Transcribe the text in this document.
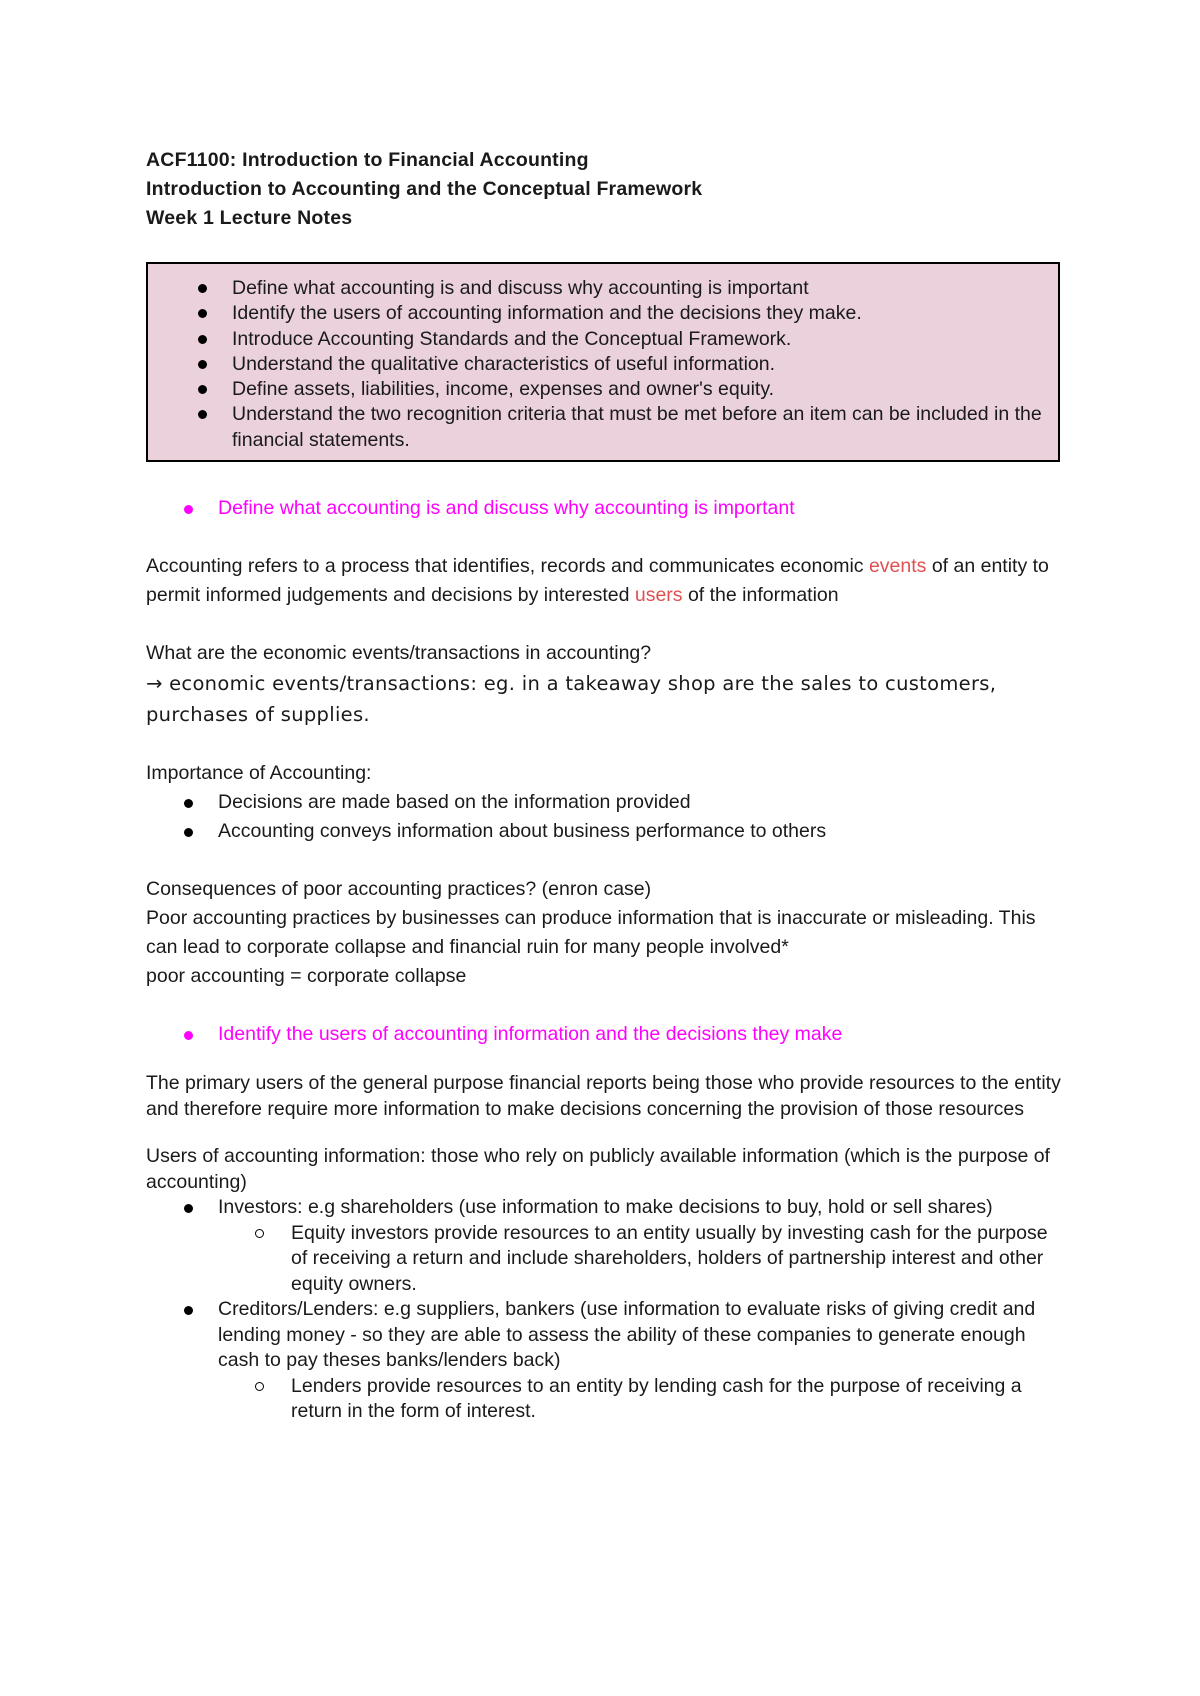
ACF1100: Introduction to Financial Accounting
Introduction to Accounting and the Conceptual Framework
Week 1 Lecture Notes
Define what accounting is and discuss why accounting is important
Identify the users of accounting information and the decisions they make.
Introduce Accounting Standards and the Conceptual Framework.
Understand the qualitative characteristics of useful information.
Define assets, liabilities, income, expenses and owner's equity.
Understand the two recognition criteria that must be met before an item can be included in the financial statements.
Define what accounting is and discuss why accounting is important

Accounting refers to a process that identifies, records and communicates economic events of an entity to permit informed judgements and decisions by interested users of the information

What are the economic events/transactions in accounting?

→ economic events/transactions: eg. in a takeaway shop are the sales to customers, purchases of supplies.

Importance of Accounting:

Decisions are made based on the information provided
Accounting conveys information about business performance to others

Consequences of poor accounting practices? (enron case)

Poor accounting practices by businesses can produce information that is inaccurate or misleading. This can lead to corporate collapse and financial ruin for many people involved*

poor accounting = corporate collapse

Identify the users of accounting information and the decisions they make

The primary users of the general purpose financial reports being those who provide resources to the entity and therefore require more information to make decisions concerning the provision of those resources

Users of accounting information: those who rely on publicly available information (which is the purpose of accounting)

Investors: e.g shareholders (use information to make decisions to buy, hold or sell shares)
Equity investors provide resources to an entity usually by investing cash for the purpose of receiving a return and include shareholders, holders of partnership interest and other equity owners.
Creditors/Lenders: e.g suppliers, bankers (use information to evaluate risks of giving credit and lending money - so they are able to assess the ability of these companies to generate enough cash to pay theses banks/lenders back)
Lenders provide resources to an entity by lending cash for the purpose of receiving a return in the form of interest.
